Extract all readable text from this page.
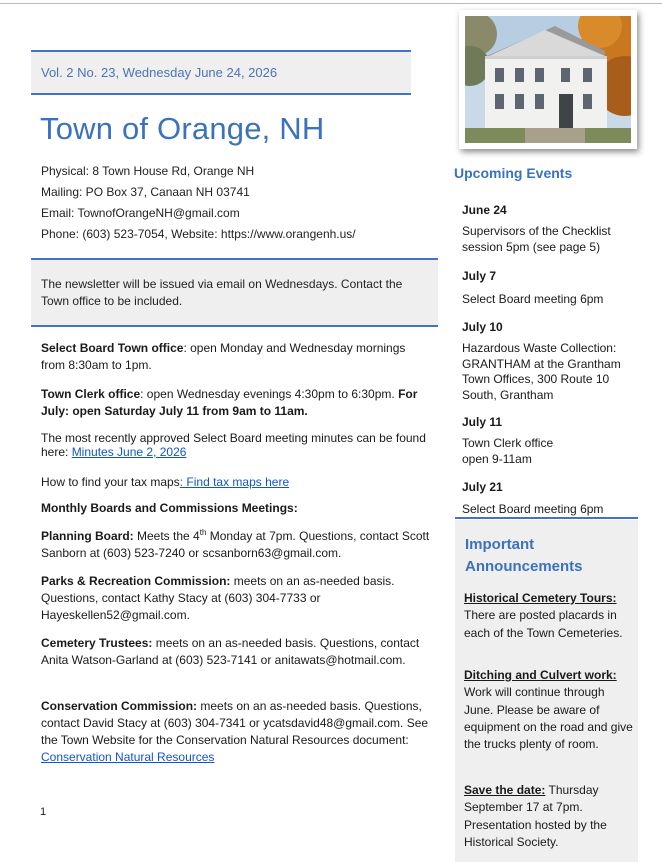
Vol. 2 No. 23, Wednesday June 24, 2026
Town of Orange, NH
Physical: 8 Town House Rd, Orange NH
Mailing: PO Box 37, Canaan NH 03741
Email: TownofOrangeNH@gmail.com
Phone: (603) 523-7054, Website: https://www.orangenh.us/
The newsletter will be issued via email on Wednesdays. Contact the Town office to be included.
Select Board Town office: open Monday and Wednesday mornings from 8:30am to 1pm.
Town Clerk office: open Wednesday evenings 4:30pm to 6:30pm. For July: open Saturday July 11 from 9am to 11am.
The most recently approved Select Board meeting minutes can be found here: Minutes June 2, 2026
How to find your tax maps: Find tax maps here
Monthly Boards and Commissions Meetings:
Planning Board: Meets the 4th Monday at 7pm. Questions, contact Scott Sanborn at (603) 523-7240 or scsanborn63@gmail.com.
Parks & Recreation Commission: meets on an as-needed basis. Questions, contact Kathy Stacy at (603) 304-7733 or Hayeskellen52@gmail.com.
Cemetery Trustees: meets on an as-needed basis. Questions, contact Anita Watson-Garland at (603) 523-7141 or anitawats@hotmail.com.
Conservation Commission: meets on an as-needed basis. Questions, contact David Stacy at (603) 304-7341 or ycatsdavid48@gmail.com. See the Town Website for the Conservation Natural Resources document: Conservation Natural Resources
1
Upcoming Events
June 24
Supervisors of the Checklist session 5pm (see page 5)
July 7
Select Board meeting 6pm
July 10
Hazardous Waste Collection: GRANTHAM at the Grantham Town Offices, 300 Route 10 South, Grantham
July 11
Town Clerk office open 9-11am
July 21
Select Board meeting 6pm
Important Announcements
Historical Cemetery Tours:
There are posted placards in each of the Town Cemeteries.
Ditching and Culvert work:
Work will continue through June. Please be aware of equipment on the road and give the trucks plenty of room.
Save the date: Thursday September 17 at 7pm. Presentation hosted by the Historical Society.
